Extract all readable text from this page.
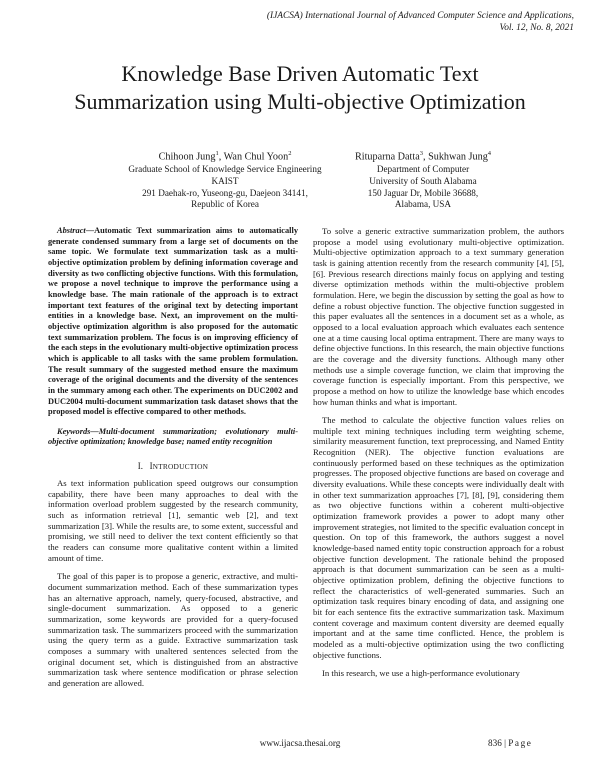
(IJACSA) International Journal of Advanced Computer Science and Applications,
Vol. 12, No. 8, 2021
Knowledge Base Driven Automatic Text
Summarization using Multi-objective Optimization
Chihoon Jung$^1$, Wan Chul Yoon$^2$
Graduate School of Knowledge Service Engineering
KAIST
291 Daehak-ro, Yuseong-gu, Daejeon 34141,
Republic of Korea
Rituparna Datta$^3$, Sukhwan Jung$^4$
Department of Computer
University of South Alabama
150 Jaguar Dr, Mobile 36688,
Alabama, USA
Abstract—Automatic Text summarization aims to automatically generate condensed summary from a large set of documents on the same topic. We formulate text summarization task as a multi-objective optimization problem by defining information coverage and diversity as two conflicting objective functions. With this formulation, we propose a novel technique to improve the performance using a knowledge base. The main rationale of the approach is to extract important text features of the original text by detecting important entities in a knowledge base. Next, an improvement on the multi-objective optimization algorithm is also proposed for the automatic text summarization problem. The focus is on improving efficiency of the each steps in the evolutionary multi-objective optimization process which is applicable to all tasks with the same problem formulation. The result summary of the suggested method ensure the maximum coverage of the original documents and the diversity of the sentences in the summary among each other. The experiments on DUC2002 and DUC2004 multi-document summarization task dataset shows that the proposed model is effective compared to other methods.
Keywords—Multi-document summarization; evolutionary multi-objective optimization; knowledge base; named entity recognition
I. INTRODUCTION

As text information publication speed outgrows our consumption capability, there have been many approaches to deal with the information overload problem suggested by the research community, such as information retrieval [1], semantic web [2], and text summarization [3]. While the results are, to some extent, successful and promising, we still need to deliver the text content efficiently so that the readers can consume more qualitative content within a limited amount of time.

The goal of this paper is to propose a generic, extractive, and multi-document summarization method. Each of these summarization types has an alternative approach, namely, query-focused, abstractive, and single-document summarization. As opposed to a generic summarization, some keywords are provided for a query-focused summarization task. The summarizers proceed with the summarization using the query term as a guide. Extractive summarization task composes a summary with unaltered sentences selected from the original document set, which is distinguished from an abstractive summarization task where sentence modification or phrase selection and generation are allowed.

To solve a generic extractive summarization problem, the authors propose a model using evolutionary multi-objective optimization. Multi-objective optimization approach to a text summary generation task is gaining attention recently from the research community [4], [5], [6]. Previous research directions mainly focus on applying and testing diverse optimization methods within the multi-objective problem formulation. Here, we begin the discussion by setting the goal as how to define a robust objective function. The objective function suggested in this paper evaluates all the sentences in a document set as a whole, as opposed to a local evaluation approach which evaluates each sentence one at a time causing local optima entrapment. There are many ways to define objective functions. In this research, the main objective functions are the coverage and the diversity functions. Although many other methods use a simple coverage function, we claim that improving the coverage function is especially important. From this perspective, we propose a method on how to utilize the knowledge base which encodes how human thinks and what is important.

The method to calculate the objective function values relies on multiple text mining techniques including term weighting scheme, similarity measurement function, text preprocessing, and Named Entity Recognition (NER). The objective function evaluations are continuously performed based on these techniques as the optimization progresses. The proposed objective functions are based on coverage and diversity evaluations. While these concepts were individually dealt with in other text summarization approaches [7], [8], [9], considering them as two objective functions within a coherent multi-objective optimization framework provides a power to adopt many other improvement strategies, not limited to the specific evaluation concept in question. On top of this framework, the authors suggest a novel knowledge-based named entity topic construction approach for a robust objective function development. The rationale behind the proposed approach is that document summarization can be seen as a multi-objective optimization problem, defining the objective functions to reflect the characteristics of well-generated summaries. Such an optimization task requires binary encoding of data, and assigning one bit for each sentence fits the extractive summarization task. Maximum content coverage and maximum content diversity are deemed equally important and at the same time conflicted. Hence, the problem is modeled as a multi-objective optimization using the two conflicting objective functions.

In this research, we use a high-performance evolutionary

www.ijacsa.thesai.org	836 | Page
